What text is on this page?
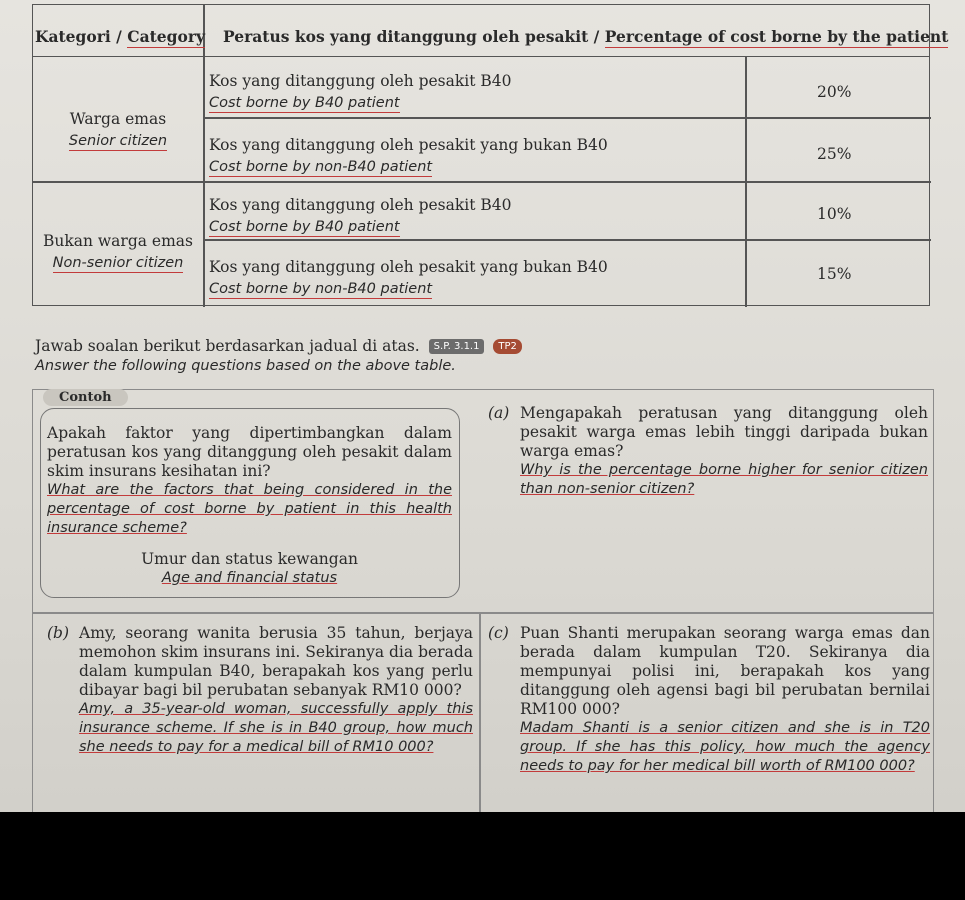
Kategori / Category Peratus kos yang ditanggung oleh pesakit / Percentage of cost borne by the patient
Warga emas
Senior citizen
Kos yang ditanggung oleh pesakit B40
Cost borne by B40 patient
20%
Kos yang ditanggung oleh pesakit yang bukan B40
Cost borne by non-B40 patient
25%
Bukan warga emas
Non-senior citizen
Kos yang ditanggung oleh pesakit B40
Cost borne by B40 patient
10%
Kos yang ditanggung oleh pesakit yang bukan B40
Cost borne by non-B40 patient
15%
Jawab soalan berikut berdasarkan jadual di atas. S.P. 3.1.1 TP2
Answer the following questions based on the above table.
Contoh

Apakah faktor yang dipertimbangkan dalam peratusan kos yang ditanggung oleh pesakit dalam skim insurans kesihatan ini?

What are the factors that being considered in the percentage of cost borne by patient in this health insurance scheme?

Umur dan status kewangan

Age and financial status

(a) Mengapakah peratusan yang ditanggung oleh pesakit warga emas lebih tinggi daripada bukan warga emas?

Why is the percentage borne higher for senior citizen than non-senior citizen?

(b) Amy, seorang wanita berusia 35 tahun, berjaya memohon skim insurans ini. Sekiranya dia berada dalam kumpulan B40, berapakah kos yang perlu dibayar bagi bil perubatan sebanyak RM10 000?

Amy, a 35-year-old woman, successfully apply this insurance scheme. If she is in B40 group, how much she needs to pay for a medical bill of RM10 000?

(c) Puan Shanti merupakan seorang warga emas dan berada dalam kumpulan T20. Sekiranya dia mempunyai polisi ini, berapakah kos yang ditanggung oleh agensi bagi bil perubatan bernilai RM100 000?

Madam Shanti is a senior citizen and she is in T20 group. If she has this policy, how much the agency needs to pay for her medical bill worth of RM100 000?
